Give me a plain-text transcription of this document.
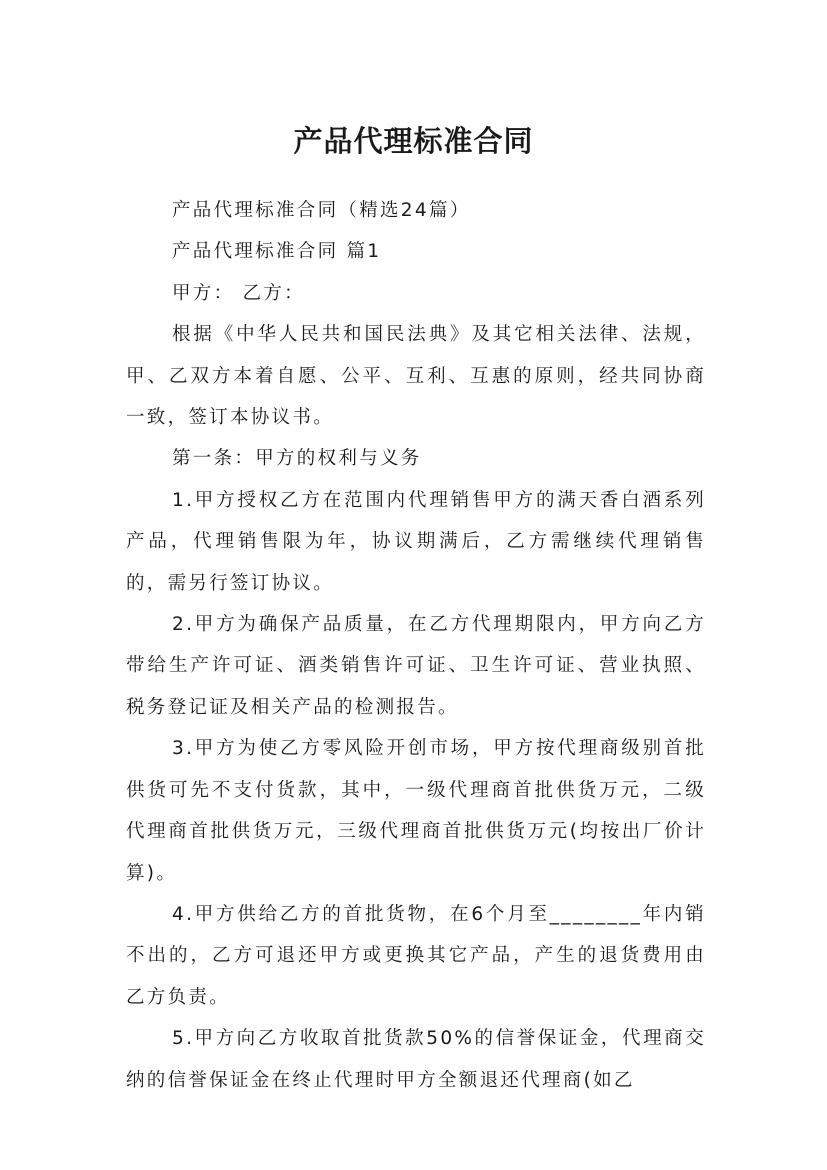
产品代理标准合同

产品代理标准合同（精选24篇）

产品代理标准合同 篇1

甲方： 乙方：

根据《中华人民共和国民法典》及其它相关法律、法规，甲、乙双方本着自愿、公平、互利、互惠的原则，经共同协商一致，签订本协议书。

第一条：甲方的权利与义务

1.甲方授权乙方在范围内代理销售甲方的满天香白酒系列产品，代理销售限为年，协议期满后，乙方需继续代理销售的，需另行签订协议。

2.甲方为确保产品质量，在乙方代理期限内，甲方向乙方带给生产许可证、酒类销售许可证、卫生许可证、营业执照、税务登记证及相关产品的检测报告。

3.甲方为使乙方零风险开创市场，甲方按代理商级别首批供货可先不支付货款，其中，一级代理商首批供货万元，二级代理商首批供货万元，三级代理商首批供货万元(均按出厂价计算)。

4.甲方供给乙方的首批货物，在6个月至________年内销不出的，乙方可退还甲方或更换其它产品，产生的退货费用由乙方负责。

5.甲方向乙方收取首批货款50%的信誉保证金，代理商交纳的信誉保证金在终止代理时甲方全额退还代理商(如乙
